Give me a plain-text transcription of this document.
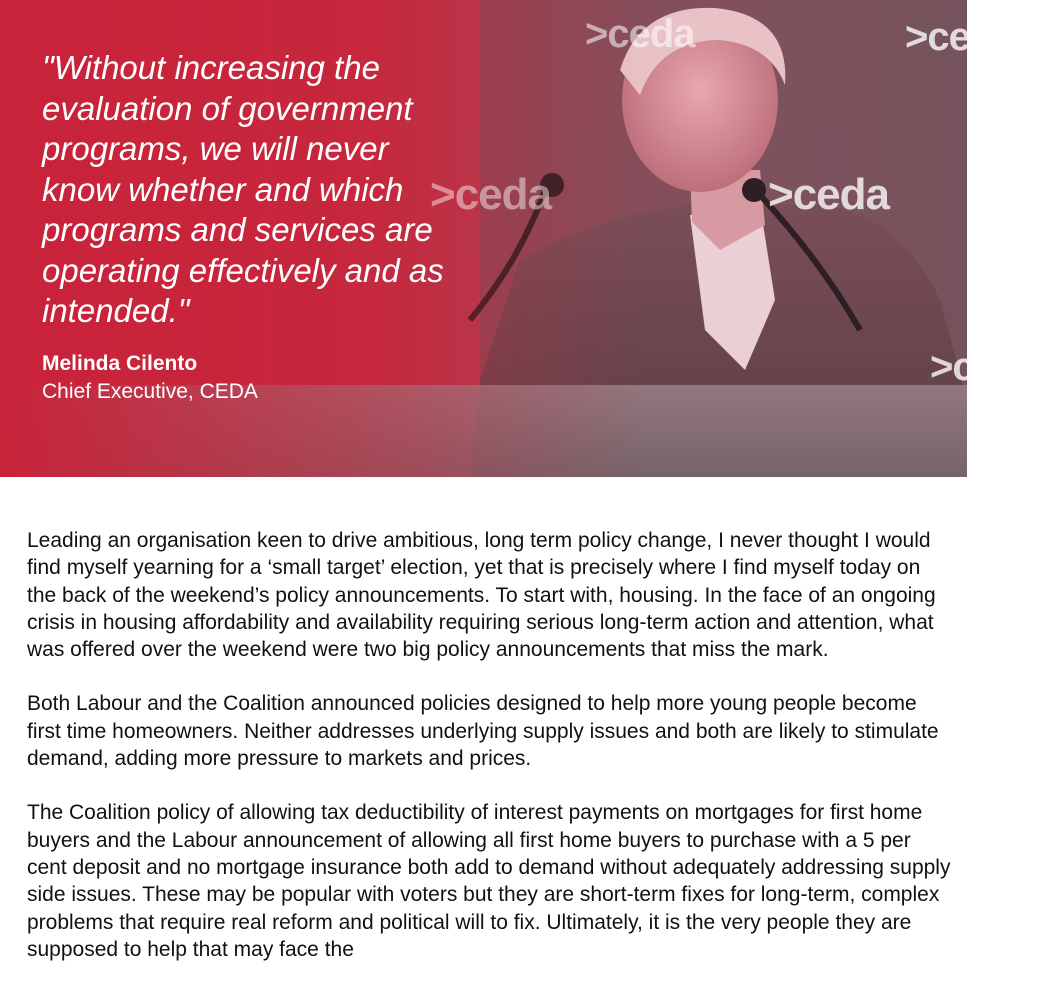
>ceda	>ceda
>ceda	>ceda
>ceda

"Without increasing the evaluation of government programs, we will never know whether and which programs and services are operating effectively and as intended."

Melinda Cilento
Chief Executive, CEDA

Leading an organisation keen to drive ambitious, long term policy change, I never thought I would find myself yearning for a ‘small target’ election, yet that is precisely where I find myself today on the back of the weekend’s policy announcements. To start with, housing. In the face of an ongoing crisis in housing affordability and availability requiring serious long-term action and attention, what was offered over the weekend were two big policy announcements that miss the mark.

Both Labour and the Coalition announced policies designed to help more young people become first time homeowners. Neither addresses underlying supply issues and both are likely to stimulate demand, adding more pressure to markets and prices.

The Coalition policy of allowing tax deductibility of interest payments on mortgages for first home buyers and the Labour announcement of allowing all first home buyers to purchase with a 5 per cent deposit and no mortgage insurance both add to demand without adequately addressing supply side issues. These may be popular with voters but they are short-term fixes for long-term, complex problems that require real reform and political will to fix. Ultimately, it is the very people they are supposed to help that may face the
